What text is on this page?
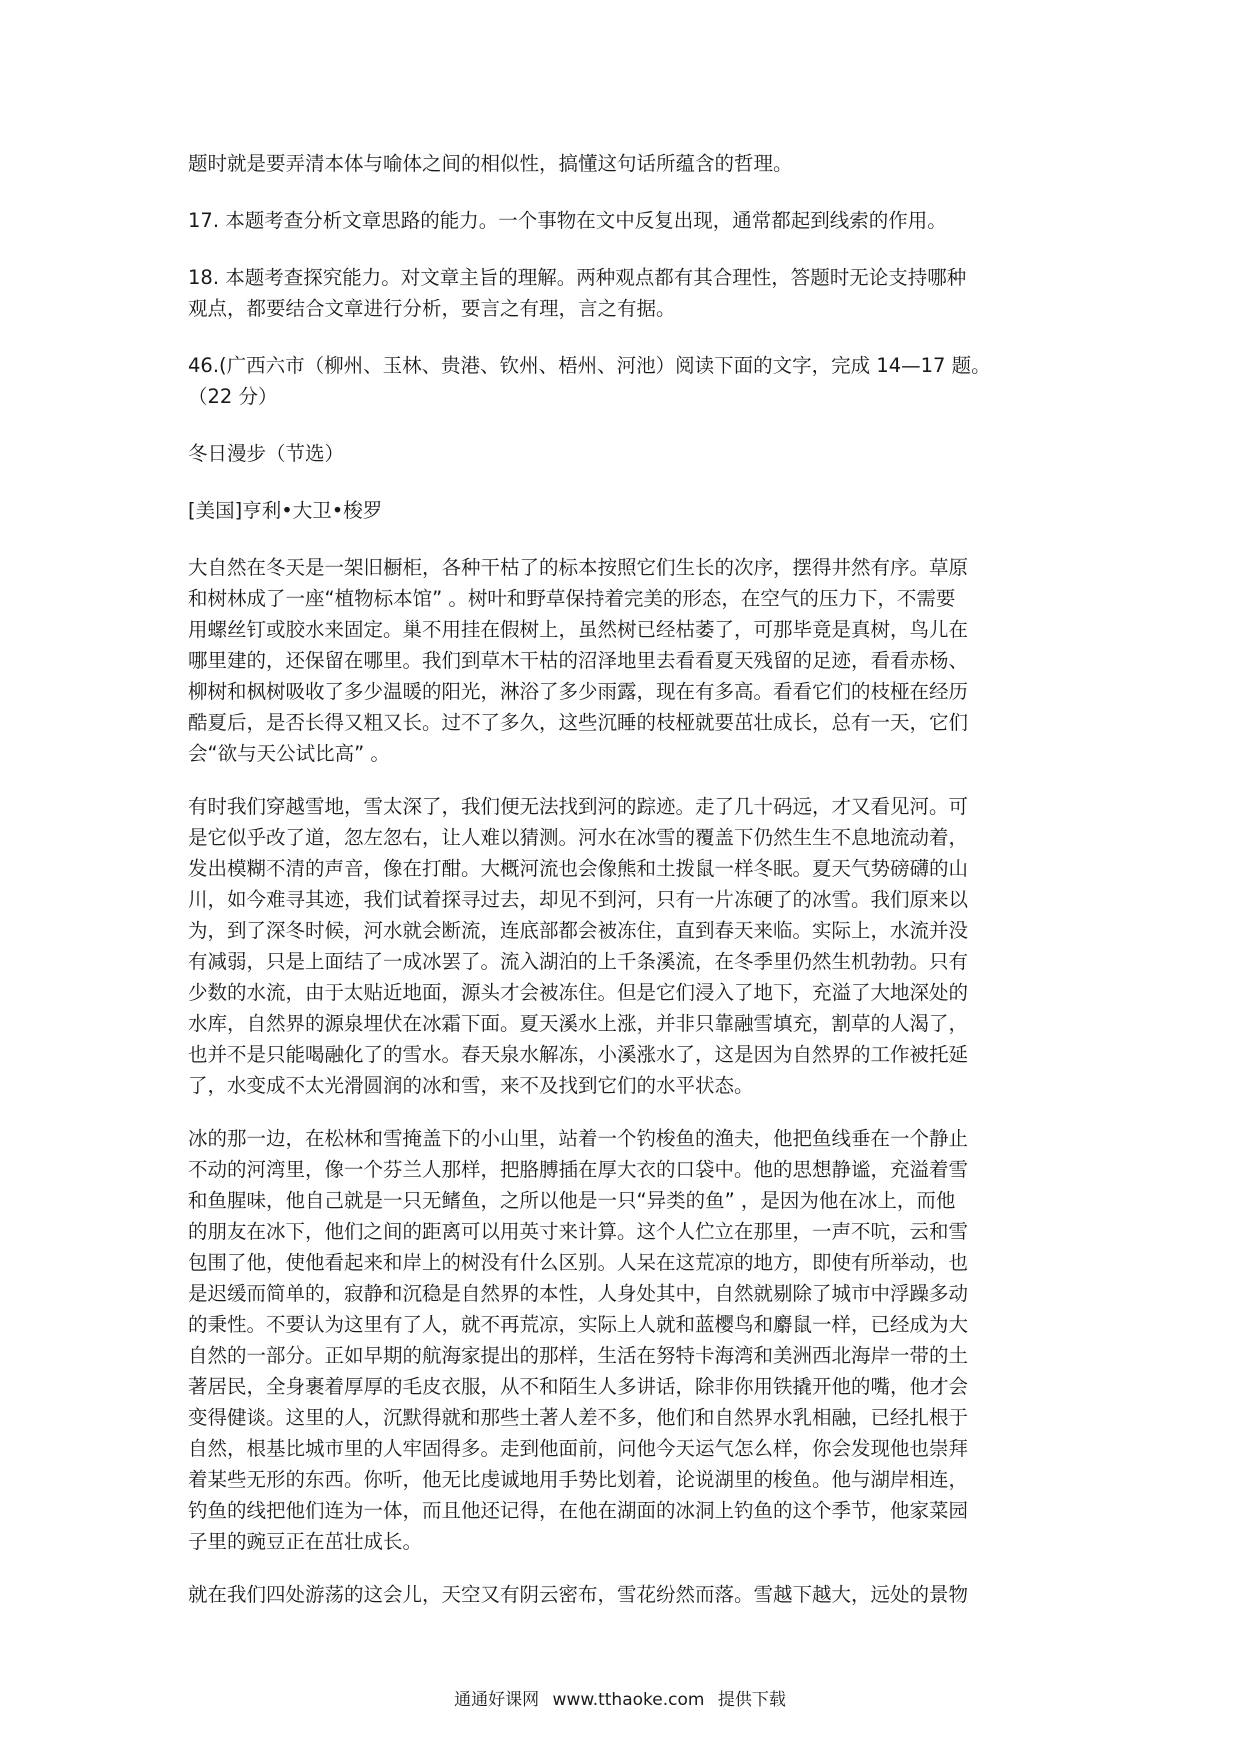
题时就是要弄清本体与喻体之间的相似性，搞懂这句话所蕴含的哲理。

17. 本题考查分析文章思路的能力。一个事物在文中反复出现，通常都起到线索的作用。

18. 本题考查探究能力。对文章主旨的理解。两种观点都有其合理性，答题时无论支持哪种
观点，都要结合文章进行分析，要言之有理，言之有据。

46.(广西六市（柳州、玉林、贵港、钦州、梧州、河池）阅读下面的文字，完成 14—17 题。
（22 分）

冬日漫步（节选）

[美国]亨利•大卫•梭罗

大自然在冬天是一架旧橱柜，各种干枯了的标本按照它们生长的次序，摆得井然有序。草原
和树林成了一座“植物标本馆” 。树叶和野草保持着完美的形态，在空气的压力下，不需要
用螺丝钉或胶水来固定。巢不用挂在假树上，虽然树已经枯萎了，可那毕竟是真树，鸟儿在
哪里建的，还保留在哪里。我们到草木干枯的沼泽地里去看看夏天残留的足迹，看看赤杨、
柳树和枫树吸收了多少温暖的阳光，淋浴了多少雨露，现在有多高。看看它们的枝桠在经历
酷夏后，是否长得又粗又长。过不了多久，这些沉睡的枝桠就要茁壮成长，总有一天，它们
会“欲与天公试比高” 。

有时我们穿越雪地，雪太深了，我们便无法找到河的踪迹。走了几十码远，才又看见河。可
是它似乎改了道，忽左忽右，让人难以猜测。河水在冰雪的覆盖下仍然生生不息地流动着，
发出模糊不清的声音，像在打酣。大概河流也会像熊和土拨鼠一样冬眠。夏天气势磅礴的山
川，如今难寻其迹，我们试着探寻过去，却见不到河，只有一片冻硬了的冰雪。我们原来以
为，到了深冬时候，河水就会断流，连底部都会被冻住，直到春天来临。实际上，水流并没
有减弱，只是上面结了一成冰罢了。流入湖泊的上千条溪流，在冬季里仍然生机勃勃。只有
少数的水流，由于太贴近地面，源头才会被冻住。但是它们浸入了地下，充溢了大地深处的
水库，自然界的源泉埋伏在冰霜下面。夏天溪水上涨，并非只靠融雪填充，割草的人渴了，
也并不是只能喝融化了的雪水。春天泉水解冻，小溪涨水了，这是因为自然界的工作被托延
了，水变成不太光滑圆润的冰和雪，来不及找到它们的水平状态。

冰的那一边，在松林和雪掩盖下的小山里，站着一个钓梭鱼的渔夫，他把鱼线垂在一个静止
不动的河湾里，像一个芬兰人那样，把胳膊插在厚大衣的口袋中。他的思想静谧，充溢着雪
和鱼腥味，他自己就是一只无鳍鱼，之所以他是一只“异类的鱼” ，是因为他在冰上，而他
的朋友在冰下，他们之间的距离可以用英寸来计算。这个人伫立在那里，一声不吭，云和雪
包围了他，使他看起来和岸上的树没有什么区别。人呆在这荒凉的地方，即使有所举动，也
是迟缓而简单的，寂静和沉稳是自然界的本性，人身处其中，自然就剔除了城市中浮躁多动
的秉性。不要认为这里有了人，就不再荒凉，实际上人就和蓝樱鸟和麝鼠一样，已经成为大
自然的一部分。正如早期的航海家提出的那样，生活在努特卡海湾和美洲西北海岸一带的土
著居民，全身裹着厚厚的毛皮衣服，从不和陌生人多讲话，除非你用铁撬开他的嘴，他才会
变得健谈。这里的人，沉默得就和那些土著人差不多，他们和自然界水乳相融，已经扎根于
自然，根基比城市里的人牢固得多。走到他面前，问他今天运气怎么样，你会发现他也崇拜
着某些无形的东西。你听，他无比虔诚地用手势比划着，论说湖里的梭鱼。他与湖岸相连，
钓鱼的线把他们连为一体，而且他还记得，在他在湖面的冰洞上钓鱼的这个季节，他家菜园
子里的豌豆正在茁壮成长。

就在我们四处游荡的这会儿，天空又有阴云密布，雪花纷然而落。雪越下越大，远处的景物

通通好课网 www.tthaoke.com 提供下载
